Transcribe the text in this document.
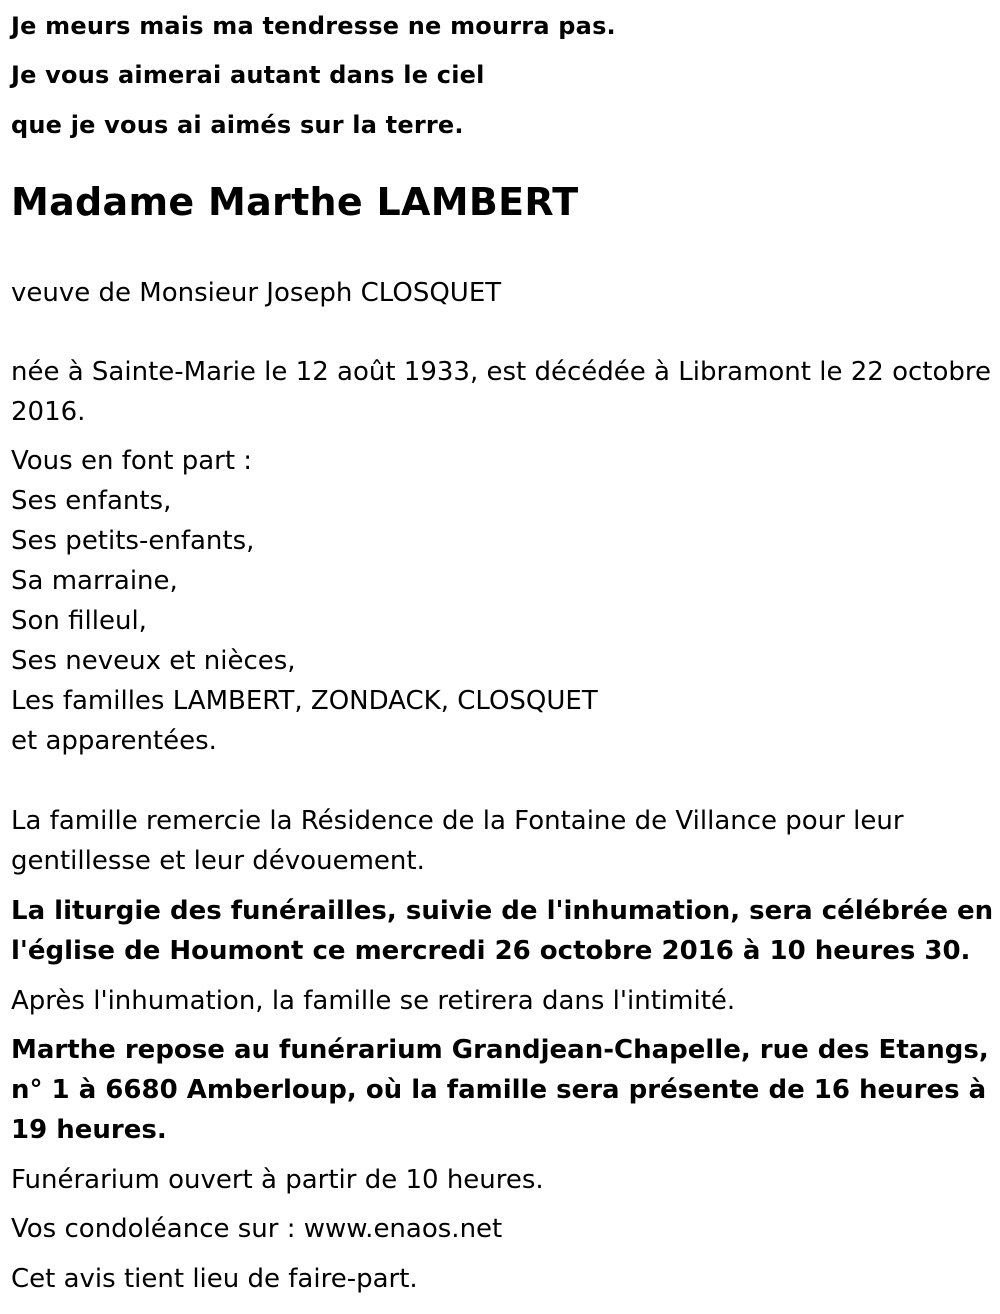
Je meurs mais ma tendresse ne mourra pas.
Je vous aimerai autant dans le ciel
que je vous ai aimés sur la terre.
Madame Marthe LAMBERT

veuve de Monsieur Joseph CLOSQUET

née à Sainte-Marie le 12 août 1933, est décédée à Libramont le 22 octobre 2016.

Vous en font part :
Ses enfants,
Ses petits-enfants,
Sa marraine,
Son filleul,
Ses neveux et nièces,
Les familles LAMBERT, ZONDACK, CLOSQUET
et apparentées.

La famille remercie la Résidence de la Fontaine de Villance pour leur gentillesse et leur dévouement.

La liturgie des funérailles, suivie de l'inhumation, sera célébrée en l'église de Houmont ce mercredi 26 octobre 2016 à 10 heures 30.

Après l'inhumation, la famille se retirera dans l'intimité.

Marthe repose au funérarium Grandjean-Chapelle, rue des Etangs, n° 1 à 6680 Amberloup, où la famille sera présente de 16 heures à 19 heures.

Funérarium ouvert à partir de 10 heures.

Vos condoléance sur : www.enaos.net

Cet avis tient lieu de faire-part.
